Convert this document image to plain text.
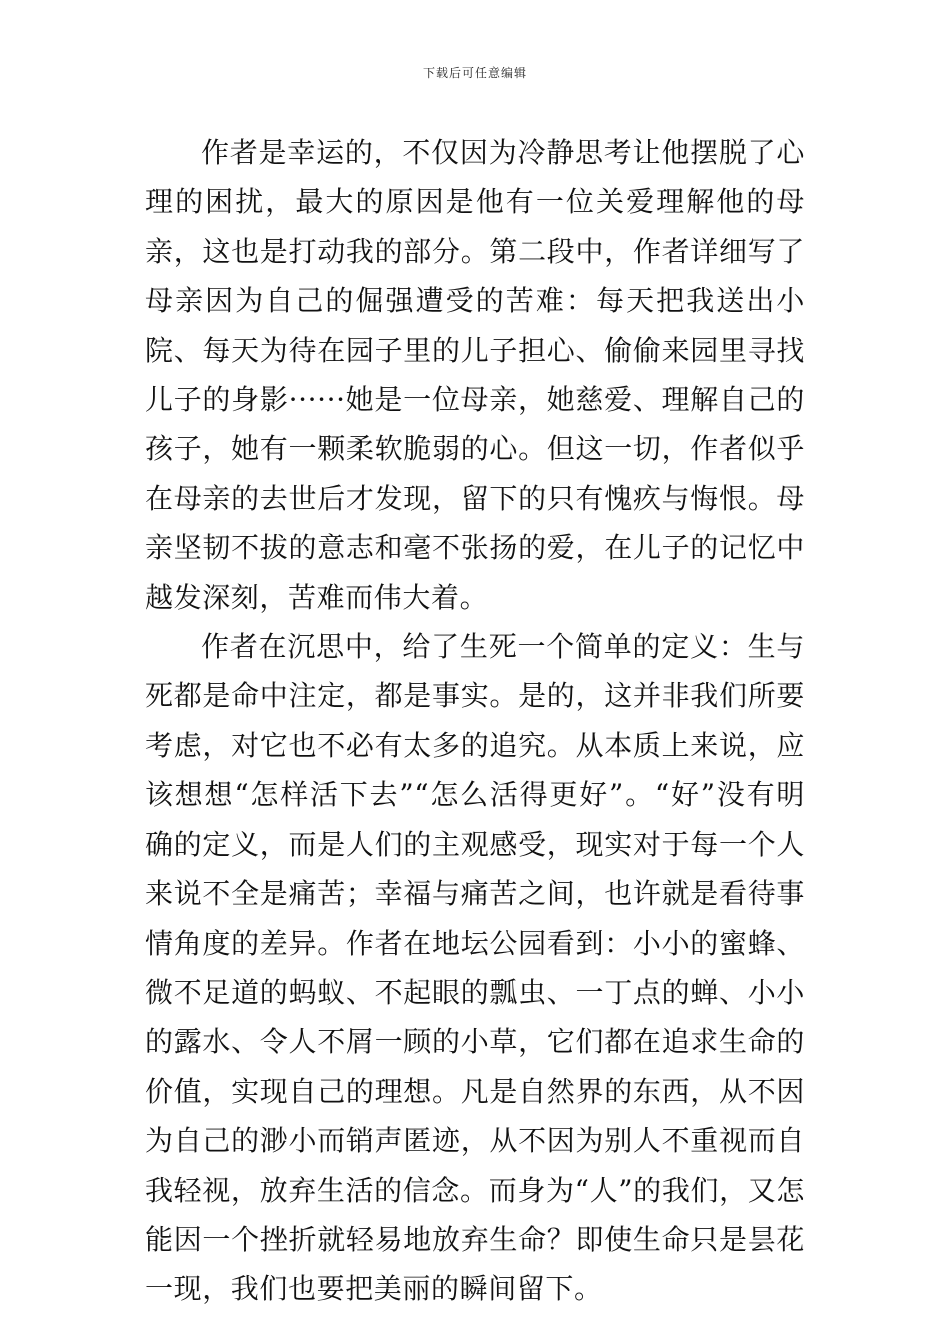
下载后可任意编辑

作者是幸运的，不仅因为冷静思考让他摆脱了心理的困扰，最大的原因是他有一位关爱理解他的母亲，这也是打动我的部分。第二段中，作者详细写了母亲因为自己的倔强遭受的苦难：每天把我送出小院、每天为待在园子里的儿子担心、偷偷来园里寻找儿子的身影······她是一位母亲，她慈爱、理解自己的孩子，她有一颗柔软脆弱的心。但这一切，作者似乎在母亲的去世后才发现，留下的只有愧疚与悔恨。母亲坚韧不拔的意志和毫不张扬的爱，在儿子的记忆中越发深刻，苦难而伟大着。

作者在沉思中，给了生死一个简单的定义：生与死都是命中注定，都是事实。是的，这并非我们所要考虑，对它也不必有太多的追究。从本质上来说，应该想想“怎样活下去”“怎么活得更好”。“好”没有明确的定义，而是人们的主观感受，现实对于每一个人来说不全是痛苦；幸福与痛苦之间，也许就是看待事情角度的差异。作者在地坛公园看到：小小的蜜蜂、微不足道的蚂蚁、不起眼的瓢虫、一丁点的蝉、小小的露水、令人不屑一顾的小草，它们都在追求生命的价值，实现自己的理想。凡是自然界的东西，从不因为自己的渺小而销声匿迹，从不因为别人不重视而自我轻视，放弃生活的信念。而身为“人”的我们，又怎能因一个挫折就轻易地放弃生命？即使生命只是昙花一现，我们也要把美丽的瞬间留下。
